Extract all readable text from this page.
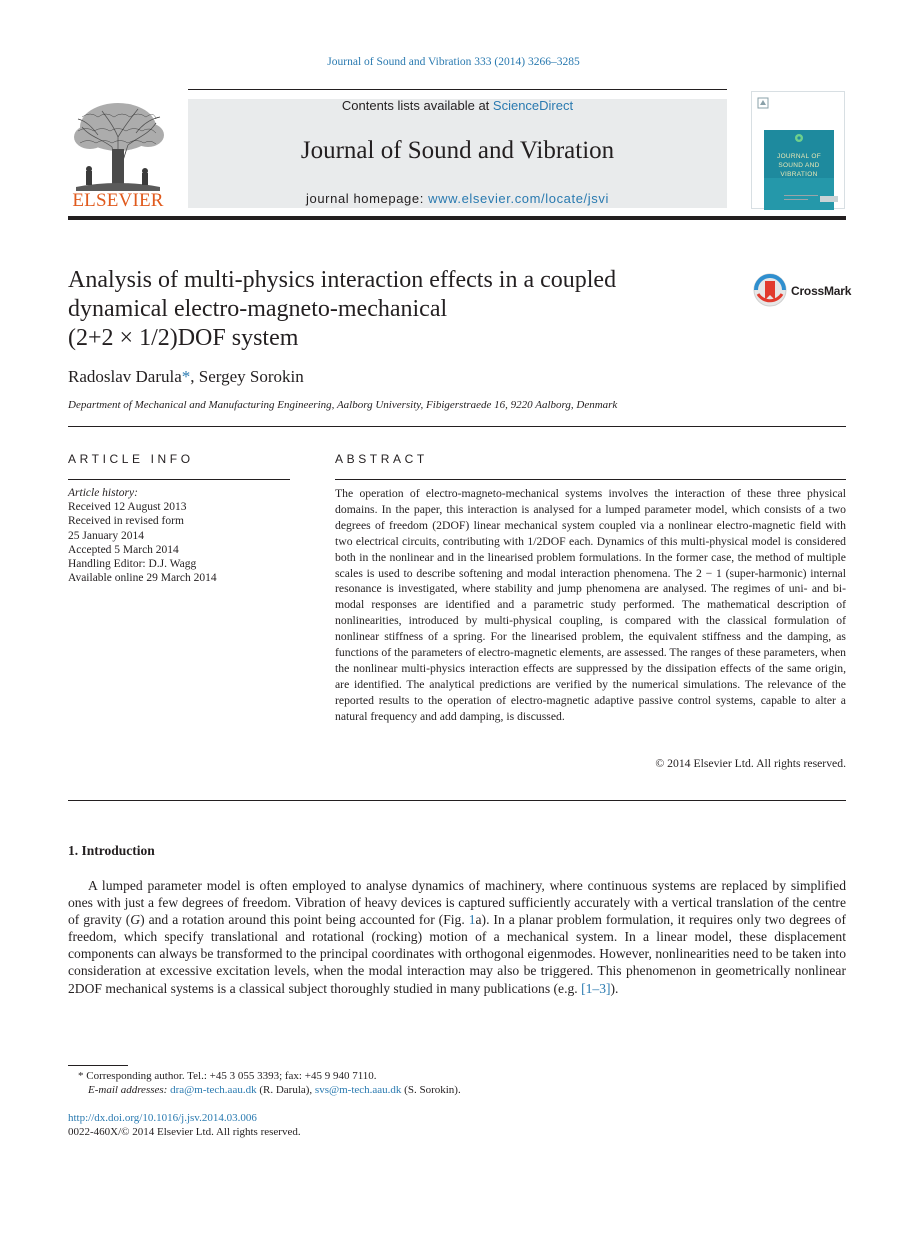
Journal of Sound and Vibration 333 (2014) 3266–3285
Contents lists available at ScienceDirect
Journal of Sound and Vibration
journal homepage: www.elsevier.com/locate/jsvi
ELSEVIER
JOURNAL OF SOUND AND VIBRATION
Analysis of multi-physics interaction effects in a coupled
dynamical electro-magneto-mechanical
(2+2 × 1/2)DOF system
CrossMark
Radoslav Darula*, Sergey Sorokin
Department of Mechanical and Manufacturing Engineering, Aalborg University, Fibigerstraede 16, 9220 Aalborg, Denmark
ARTICLE INFO
Article history:
Received 12 August 2013
Received in revised form
25 January 2014
Accepted 5 March 2014
Handling Editor: D.J. Wagg
Available online 29 March 2014
ABSTRACT
The operation of electro-magneto-mechanical systems involves the interaction of these three physical domains. In the paper, this interaction is analysed for a lumped parameter model, which consists of a two degrees of freedom (2DOF) linear mechanical system coupled via a nonlinear electro-magnetic field with two electrical circuits, contributing with 1/2DOF each. Dynamics of this multi-physical model is considered both in the nonlinear and in the linearised problem formulations. In the former case, the method of multiple scales is used to describe softening and modal interaction phenomena. The 2 − 1 (super-harmonic) internal resonance is investigated, where stability and jump phenomena are analysed. The regimes of uni- and bi-modal responses are identified and a parametric study performed. The mathematical description of nonlinearities, introduced by multi-physical coupling, is compared with the classical formulation of nonlinear stiffness of a spring. For the linearised problem, the equivalent stiffness and the damping, as functions of the parameters of electro-magnetic elements, are assessed. The ranges of these parameters, when the nonlinear multi-physics interaction effects are suppressed by the dissipation effects of the same origin, are identified. The analytical predictions are verified by the numerical simulations. The relevance of the reported results to the operation of electro-magnetic adaptive passive control systems, capable to alter a natural frequency and add damping, is discussed.
© 2014 Elsevier Ltd. All rights reserved.
1. Introduction
A lumped parameter model is often employed to analyse dynamics of machinery, where continuous systems are replaced by simplified ones with just a few degrees of freedom. Vibration of heavy devices is captured sufficiently accurately with a vertical translation of the centre of gravity (G) and a rotation around this point being accounted for (Fig. 1a). In a planar problem formulation, it requires only two degrees of freedom, which specify translational and rotational (rocking) motion of a mechanical system. In a linear model, these displacement components can always be transformed to the principal coordinates with orthogonal eigenmodes. However, nonlinearities need to be taken into consideration at excessive excitation levels, when the modal interaction may also be triggered. This phenomenon in geometrically nonlinear 2DOF mechanical systems is a classical subject thoroughly studied in many publications (e.g. [1–3]).
* Corresponding author. Tel.: +45 3 055 3393; fax: +45 9 940 7110.
E-mail addresses: dra@m-tech.aau.dk (R. Darula), svs@m-tech.aau.dk (S. Sorokin).
http://dx.doi.org/10.1016/j.jsv.2014.03.006
0022-460X/© 2014 Elsevier Ltd. All rights reserved.
